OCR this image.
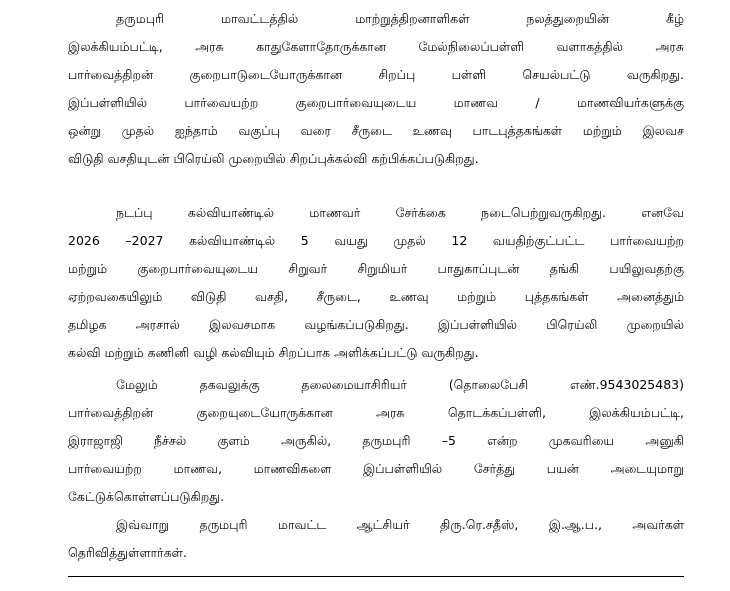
தருமபுரி மாவட்டத்தில் மாற்றுத்திறனாளிகள் நலத்துறையின் கீழ்
இலக்கியம்பட்டி, அரசு காதுகேளாதோருக்கான மேல்நிலைப்பள்ளி வளாகத்தில் அரசு
பார்வைத்திறன் குறைபாடுடையோருக்கான சிறப்பு பள்ளி செயல்பட்டு வருகிறது.
இப்பள்ளியில் பார்வையற்ற குறைபார்வையுடைய மாணவ / மாணவியர்களுக்கு
ஒன்று முதல் ஐந்தாம் வகுப்பு வரை சீருடை உணவு பாடபுத்தகங்கள் மற்றும் இலவச
விடுதி வசதியுடன் பிரெய்லி முறையில் சிறப்புக்கல்வி கற்பிக்கப்படுகிறது.
நடப்பு கல்வியாண்டில் மாணவர் சேர்க்கை நடைபெற்றுவருகிறது. எனவே
2026 –2027 கல்வியாண்டில் 5 வயது முதல் 12 வயதிற்குட்பட்ட பார்வையற்ற
மற்றும் குறைபார்வையுடைய சிறுவர் சிறுமியர் பாதுகாப்புடன் தங்கி பயிலுவதற்கு
ஏற்றவகையிலும் விடுதி வசதி, சீருடை, உணவு மற்றும் புத்தகங்கள் அனைத்தும்
தமிழக அரசால் இலவசமாக வழங்கப்படுகிறது. இப்பள்ளியில் பிரெய்லி முறையில்
கல்வி மற்றும் கணினி வழி கல்வியும் சிறப்பாக அளிக்கப்பட்டு வருகிறது.
மேலும் தகவலுக்கு தலைமையாசிரியர் (தொலைபேசி எண்.9543025483)
பார்வைத்திறன் குறையுடையோருக்கான அரசு தொடக்கப்பள்ளி, இலக்கியம்பட்டி,
இராஜாஜி நீச்சல் குளம் அருகில், தருமபுரி –5 என்ற முகவரியை அனுகி
பார்வையற்ற மாணவ, மாணவிகளை இப்பள்ளியில் சேர்த்து பயன் அடையுமாறு
கேட்டுக்கொள்ளப்படுகிறது.
இவ்வாறு தருமபுரி மாவட்ட ஆட்சியர் திரு.ரெ.சதீஸ், இ.ஆ.ப., அவர்கள்
தெரிவித்துள்ளார்கள்.
